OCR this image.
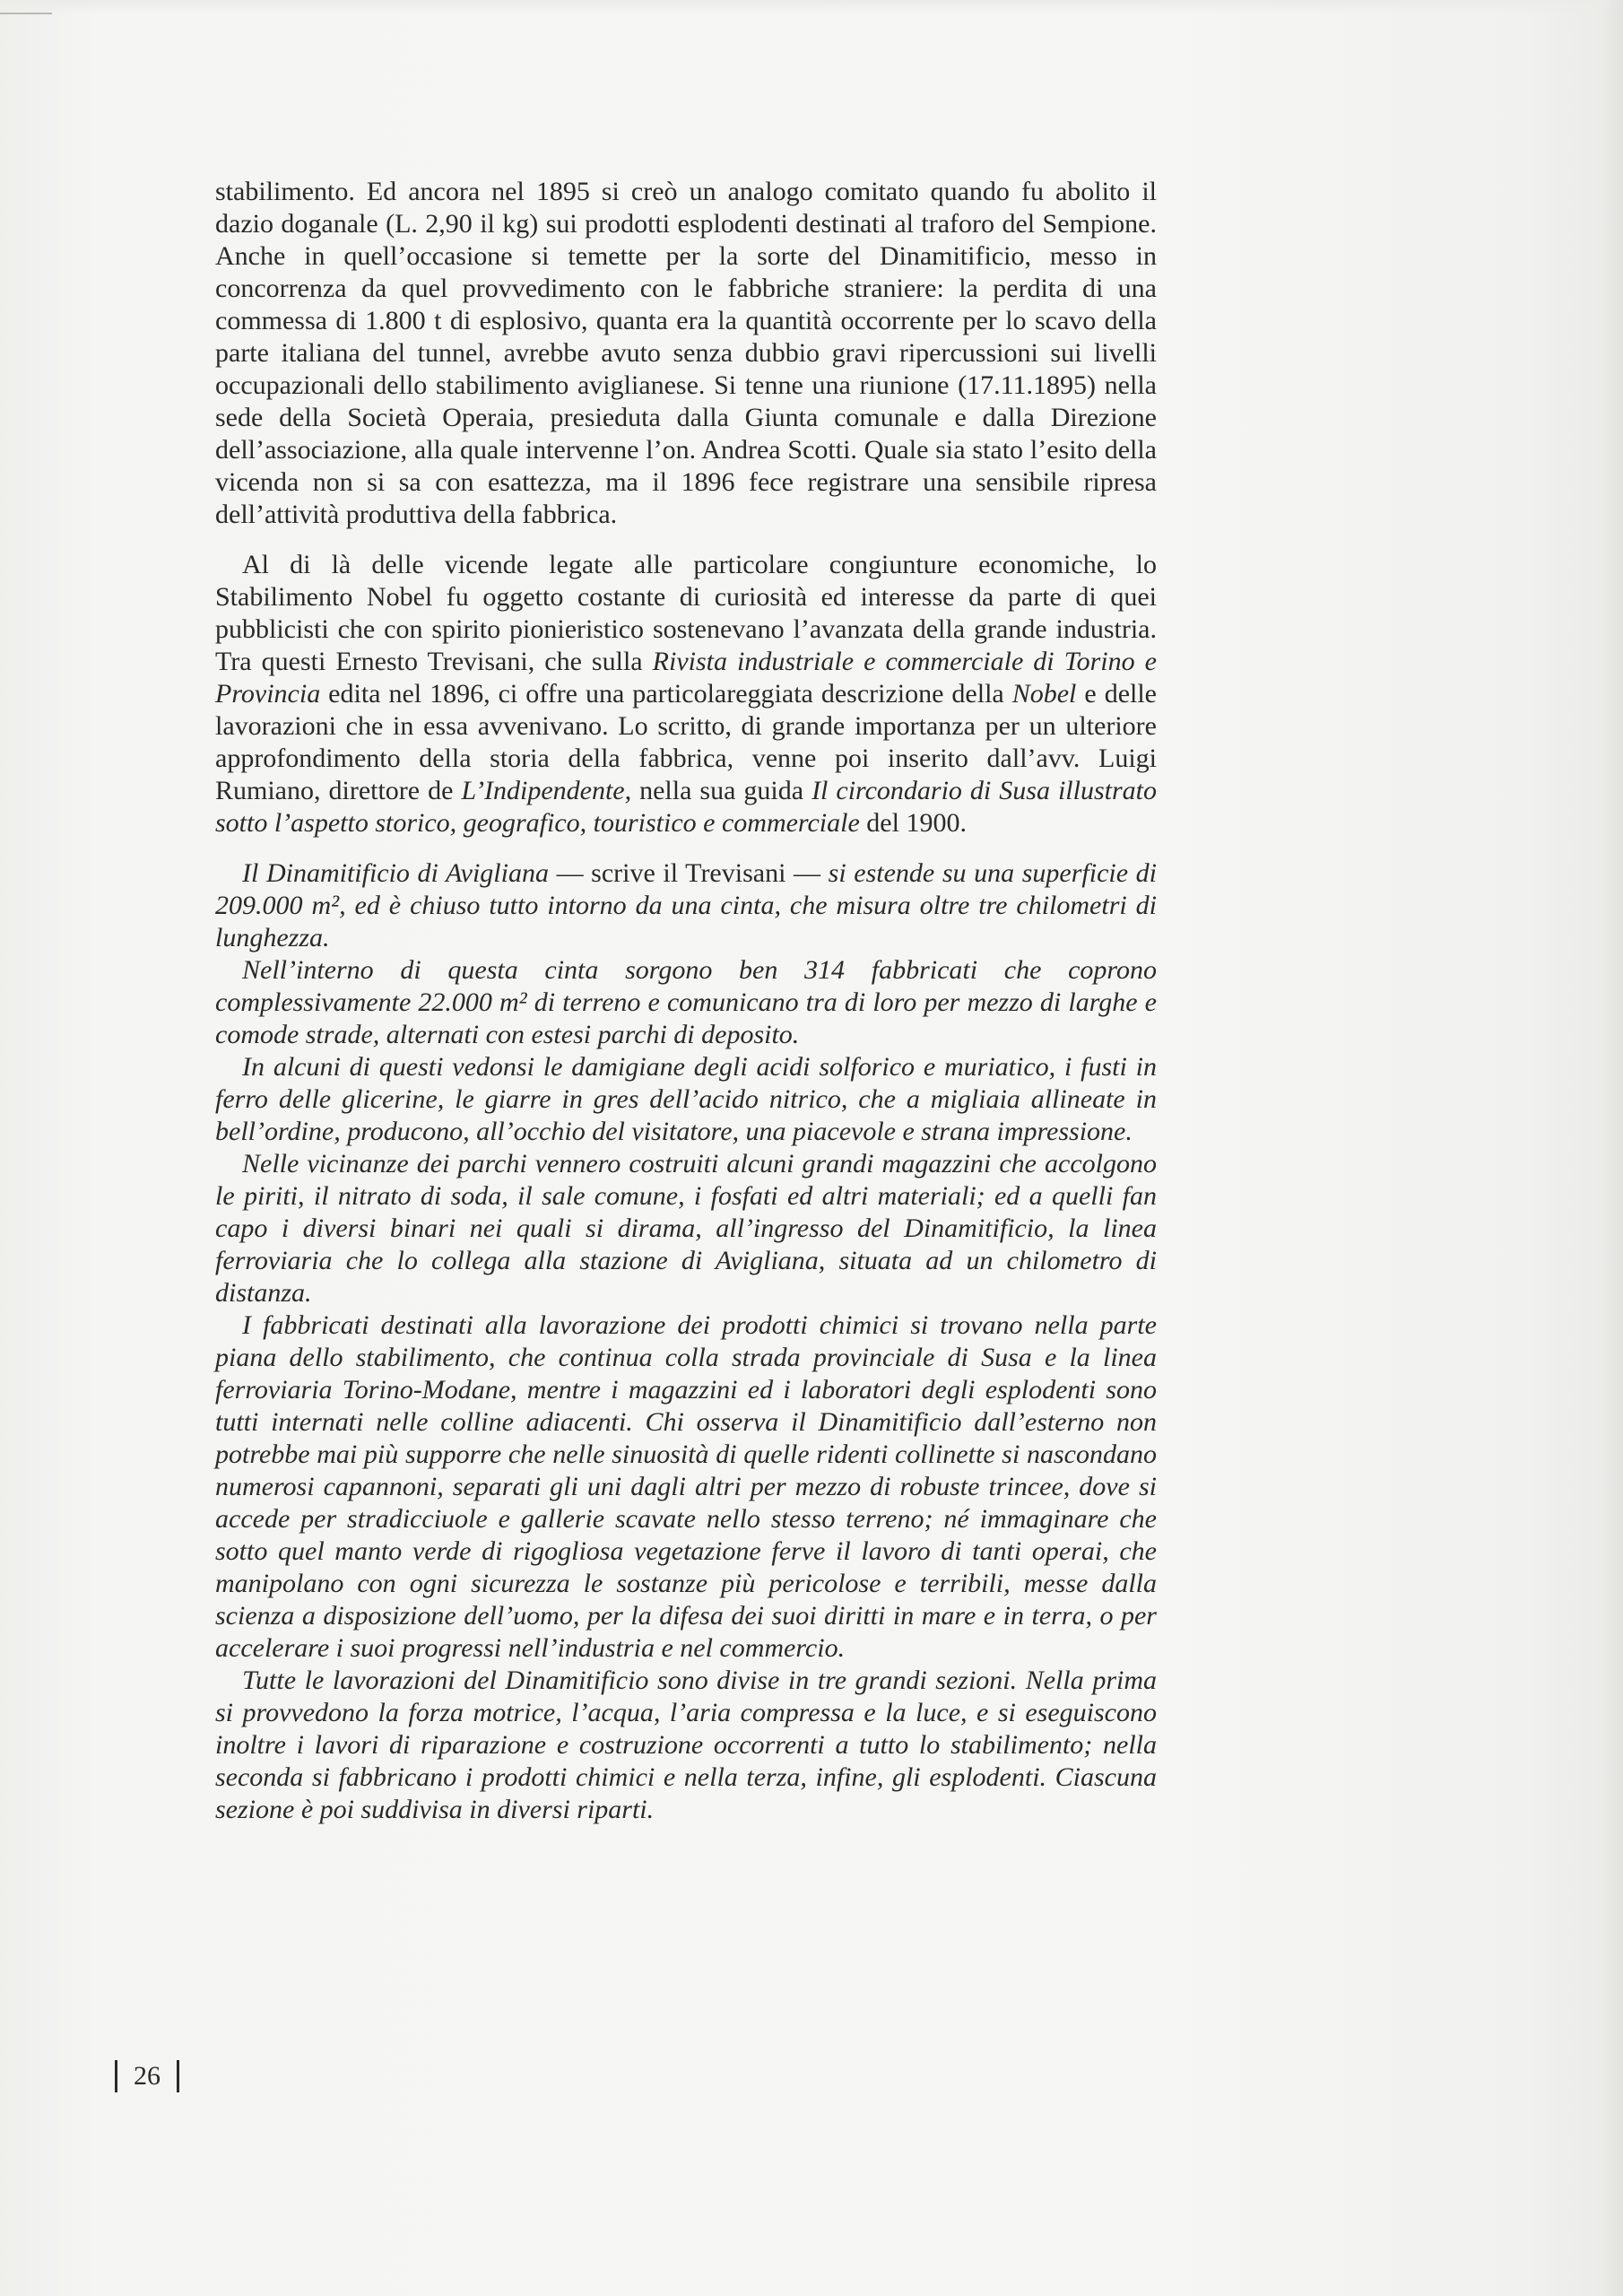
stabilimento. Ed ancora nel 1895 si creò un analogo comitato quando fu abolito il dazio doganale (L. 2,90 il kg) sui prodotti esplodenti destinati al traforo del Sempione. Anche in quell’occasione si temette per la sorte del Dinamitificio, messo in concorrenza da quel provvedimento con le fabbriche straniere: la perdita di una commessa di 1.800 t di esplosivo, quanta era la quantità occorrente per lo scavo della parte italiana del tunnel, avrebbe avuto senza dubbio gravi ripercussioni sui livelli occupazionali dello stabilimento aviglianese. Si tenne una riunione (17.11.1895) nella sede della Società Operaia, presieduta dalla Giunta comunale e dalla Direzione dell’associazione, alla quale intervenne l’on. Andrea Scotti. Quale sia stato l’esito della vicenda non si sa con esattezza, ma il 1896 fece registrare una sensibile ripresa dell’attività produttiva della fabbrica.

Al di là delle vicende legate alle particolare congiunture economiche, lo Stabilimento Nobel fu oggetto costante di curiosità ed interesse da parte di quei pubblicisti che con spirito pionieristico sostenevano l’avanzata della grande industria. Tra questi Ernesto Trevisani, che sulla Rivista industriale e commerciale di Torino e Provincia edita nel 1896, ci offre una particolareggiata descrizione della Nobel e delle lavorazioni che in essa avvenivano. Lo scritto, di grande importanza per un ulteriore approfondimento della storia della fabbrica, venne poi inserito dall’avv. Luigi Rumiano, direttore de L’Indipendente, nella sua guida Il circondario di Susa illustrato sotto l’aspetto storico, geografico, touristico e commerciale del 1900.

Il Dinamitificio di Avigliana — scrive il Trevisani — si estende su una superficie di 209.000 m², ed è chiuso tutto intorno da una cinta, che misura oltre tre chilometri di lunghezza.

Nell’interno di questa cinta sorgono ben 314 fabbricati che coprono complessivamente 22.000 m² di terreno e comunicano tra di loro per mezzo di larghe e comode strade, alternati con estesi parchi di deposito.

In alcuni di questi vedonsi le damigiane degli acidi solforico e muriatico, i fusti in ferro delle glicerine, le giarre in gres dell’acido nitrico, che a migliaia allineate in bell’ordine, producono, all’occhio del visitatore, una piacevole e strana impressione.

Nelle vicinanze dei parchi vennero costruiti alcuni grandi magazzini che accolgono le piriti, il nitrato di soda, il sale comune, i fosfati ed altri materiali; ed a quelli fan capo i diversi binari nei quali si dirama, all’ingresso del Dinamitificio, la linea ferroviaria che lo collega alla stazione di Avigliana, situata ad un chilometro di distanza.

I fabbricati destinati alla lavorazione dei prodotti chimici si trovano nella parte piana dello stabilimento, che continua colla strada provinciale di Susa e la linea ferroviaria Torino-Modane, mentre i magazzini ed i laboratori degli esplodenti sono tutti internati nelle colline adiacenti. Chi osserva il Dinamitificio dall’esterno non potrebbe mai più supporre che nelle sinuosità di quelle ridenti collinette si nascondano numerosi capannoni, separati gli uni dagli altri per mezzo di robuste trincee, dove si accede per stradicciuole e gallerie scavate nello stesso terreno; né immaginare che sotto quel manto verde di rigogliosa vegetazione ferve il lavoro di tanti operai, che manipolano con ogni sicurezza le sostanze più pericolose e terribili, messe dalla scienza a disposizione dell’uomo, per la difesa dei suoi diritti in mare e in terra, o per accelerare i suoi progressi nell’industria e nel commercio.

Tutte le lavorazioni del Dinamitificio sono divise in tre grandi sezioni. Nella prima si provvedono la forza motrice, l’acqua, l’aria compressa e la luce, e si eseguiscono inoltre i lavori di riparazione e costruzione occorrenti a tutto lo stabilimento; nella seconda si fabbricano i prodotti chimici e nella terza, infine, gli esplodenti. Ciascuna sezione è poi suddivisa in diversi riparti.

26
